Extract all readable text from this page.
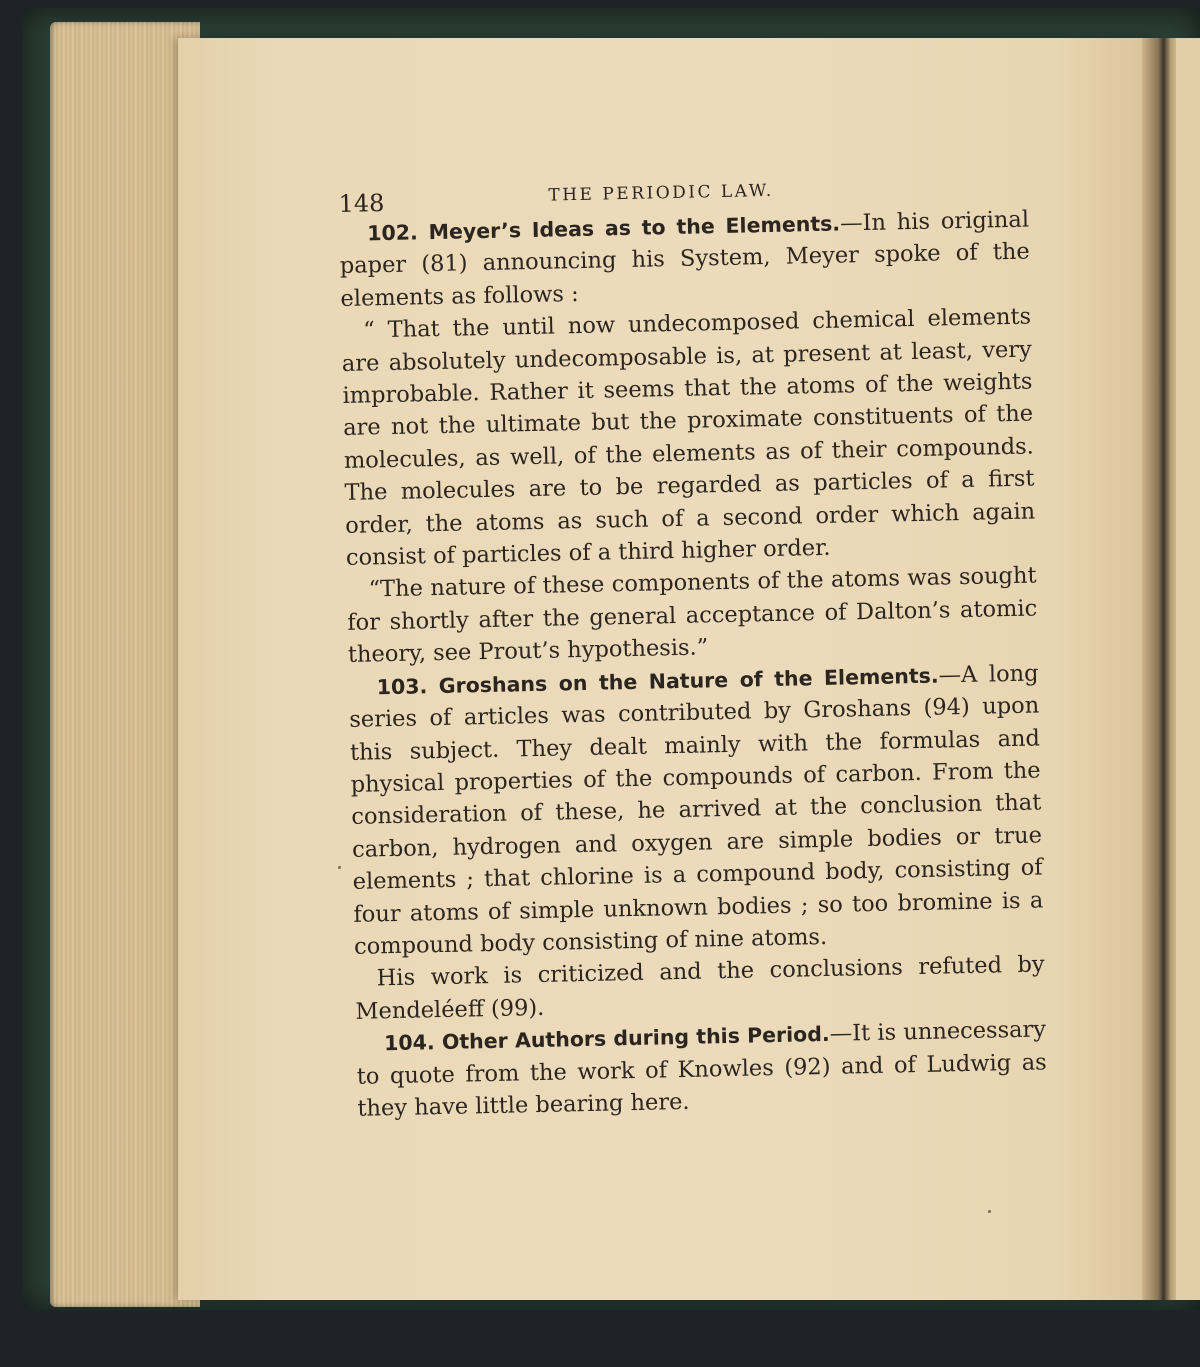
148	THE PERIODIC LAW.

102. Meyer’s Ideas as to the Elements.—In his original paper (81) announcing his System, Meyer spoke of the elements as follows :

“ That the until now undecomposed chemical elements are absolutely undecomposable is, at present at least, very improbable. Rather it seems that the atoms of the weights are not the ultimate but the proximate constituents of the molecules, as well, of the elements as of their compounds. The molecules are to be regarded as particles of a first order, the atoms as such of a second order which again consist of particles of a third higher order.

“The nature of these components of the atoms was sought for shortly after the general acceptance of Dalton’s atomic theory, see Prout’s hypothesis.”

103. Groshans on the Nature of the Elements.—A long series of articles was contributed by Groshans (94) upon this subject. They dealt mainly with the formulas and physical properties of the compounds of carbon. From the consideration of these, he arrived at the conclusion that carbon, hydrogen and oxygen are simple bodies or true elements ; that chlorine is a compound body, consisting of four atoms of simple unknown bodies ; so too bromine is a compound body consisting of nine atoms.

His work is criticized and the conclusions refuted by Mendeléeff (99).

104. Other Authors during this Period.—It is unnecessary to quote from the work of Knowles (92) and of Ludwig as they have little bearing here.
